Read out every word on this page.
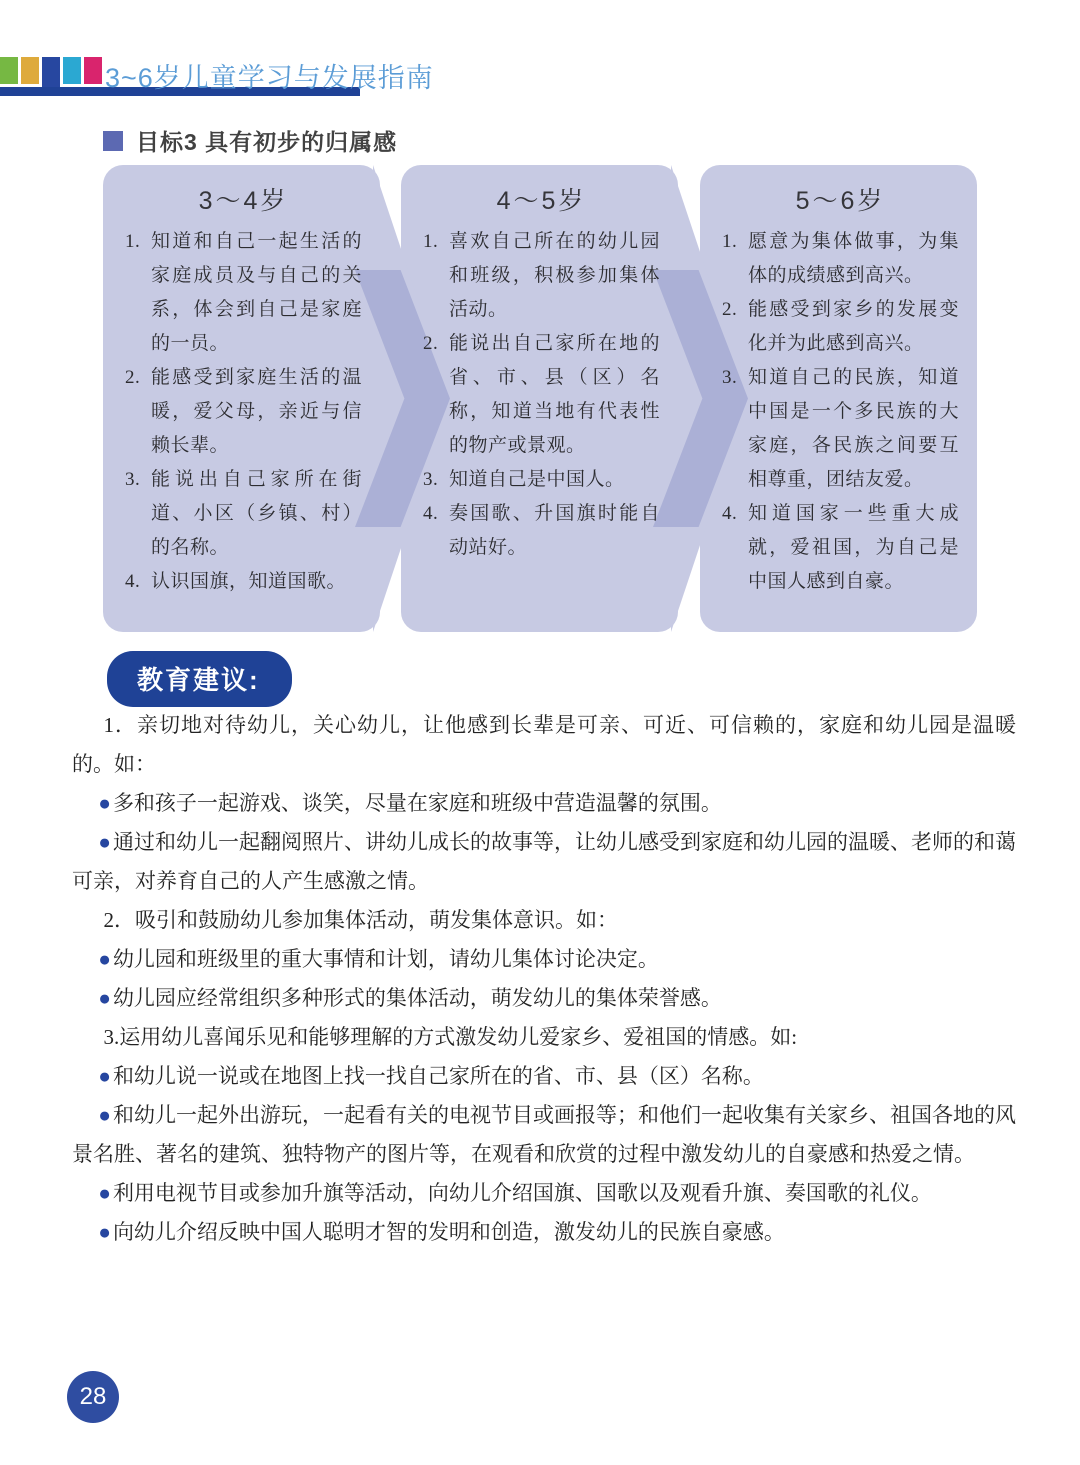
3~6岁儿童学习与发展指南
目标3 具有初步的归属感
3～4岁
1. 知道和自己一起生活的家庭成员及与自己的关系，体会到自己是家庭的一员。
2. 能感受到家庭生活的温暖，爱父母，亲近与信赖长辈。
3. 能说出自己家所在街道、小区（乡镇、村）的名称。
4. 认识国旗，知道国歌。
4～5岁
1. 喜欢自己所在的幼儿园和班级，积极参加集体活动。
2. 能说出自己家所在地的省、市、县（区）名称，知道当地有代表性的物产或景观。
3. 知道自己是中国人。
4. 奏国歌、升国旗时能自动站好。
5～6岁
1. 愿意为集体做事，为集体的成绩感到高兴。
2. 能感受到家乡的发展变化并为此感到高兴。
3. 知道自己的民族，知道中国是一个多民族的大家庭，各民族之间要互相尊重，团结友爱。
4. 知道国家一些重大成就，爱祖国，为自己是中国人感到自豪。
教育建议:

1．亲切地对待幼儿，关心幼儿，让他感到长辈是可亲、可近、可信赖的，家庭和幼儿园是温暖的。如：

●多和孩子一起游戏、谈笑，尽量在家庭和班级中营造温馨的氛围。

●通过和幼儿一起翻阅照片、讲幼儿成长的故事等，让幼儿感受到家庭和幼儿园的温暖、老师的和蔼可亲，对养育自己的人产生感激之情。

2．吸引和鼓励幼儿参加集体活动，萌发集体意识。如：

●幼儿园和班级里的重大事情和计划，请幼儿集体讨论决定。

●幼儿园应经常组织多种形式的集体活动，萌发幼儿的集体荣誉感。

3.运用幼儿喜闻乐见和能够理解的方式激发幼儿爱家乡、爱祖国的情感。如:

●和幼儿说一说或在地图上找一找自己家所在的省、市、县（区）名称。

●和幼儿一起外出游玩，一起看有关的电视节目或画报等；和他们一起收集有关家乡、祖国各地的风景名胜、著名的建筑、独特物产的图片等，在观看和欣赏的过程中激发幼儿的自豪感和热爱之情。

●利用电视节目或参加升旗等活动，向幼儿介绍国旗、国歌以及观看升旗、奏国歌的礼仪。

●向幼儿介绍反映中国人聪明才智的发明和创造，激发幼儿的民族自豪感。

28
